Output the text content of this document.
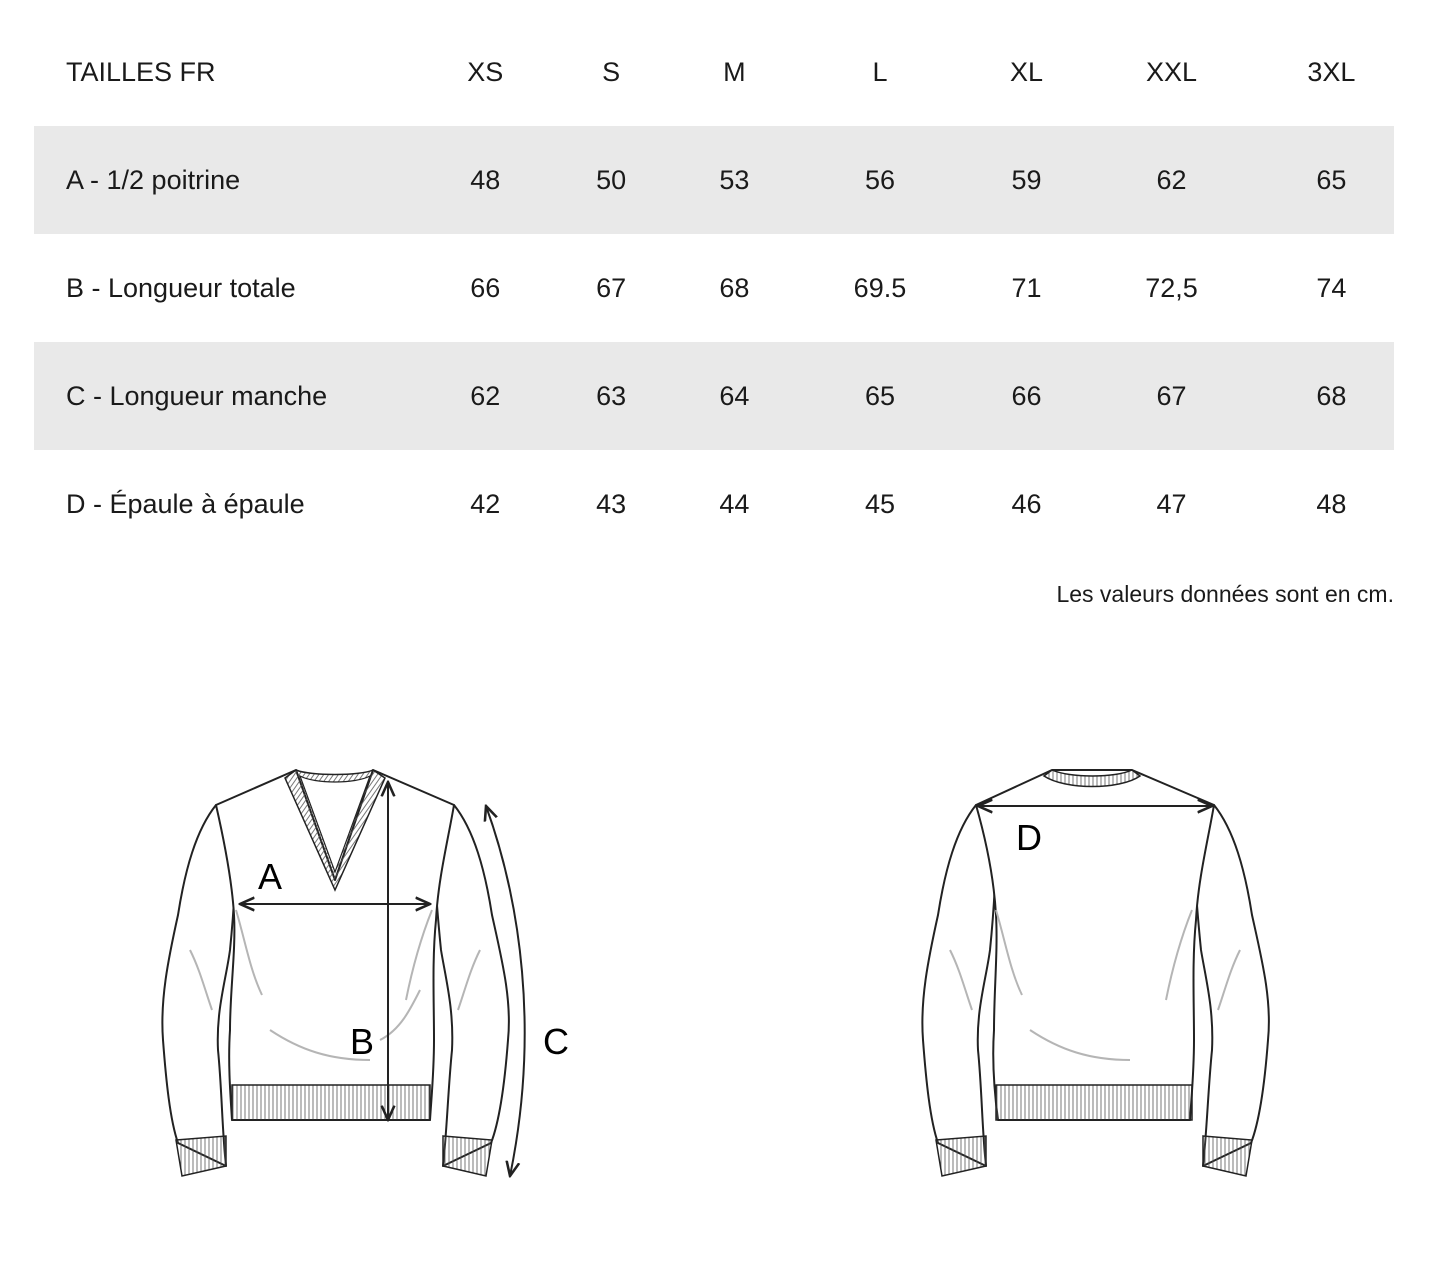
TAILLES FR	XS	S	M	L	XL	XXL	3XL
A - 1/2 poitrine	48	50	53	56	59	62	65
B - Longueur totale	66	67	68	69.5	71	72,5	74
C - Longueur manche	62	63	64	65	66	67	68
D - Épaule à épaule	42	43	44	45	46	47	48
Les valeurs données sont en cm.
A
B	C
D
